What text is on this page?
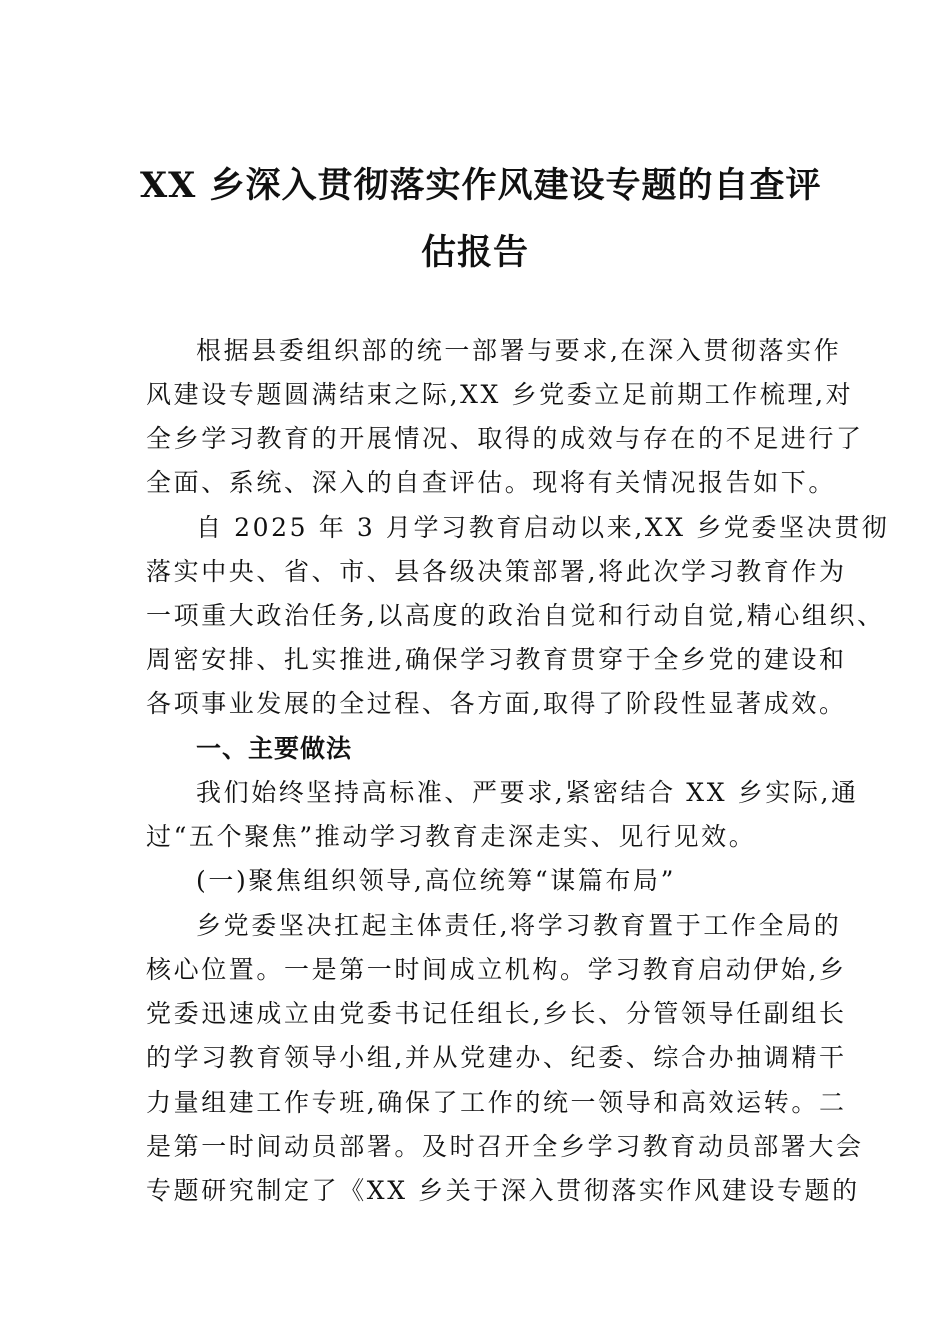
XX 乡深入贯彻落实作风建设专题的自查评
估报告
根据县委组织部的统一部署与要求,在深入贯彻落实作
风建设专题圆满结束之际,XX 乡党委立足前期工作梳理,对
全乡学习教育的开展情况、取得的成效与存在的不足进行了
全面、系统、深入的自查评估。现将有关情况报告如下。
自 2025 年 3 月学习教育启动以来,XX 乡党委坚决贯彻
落实中央、省、市、县各级决策部署,将此次学习教育作为
一项重大政治任务,以高度的政治自觉和行动自觉,精心组织、
周密安排、扎实推进,确保学习教育贯穿于全乡党的建设和
各项事业发展的全过程、各方面,取得了阶段性显著成效。
一、主要做法
我们始终坚持高标准、严要求,紧密结合 XX 乡实际,通
过“五个聚焦”推动学习教育走深走实、见行见效。
(一)聚焦组织领导,高位统筹“谋篇布局”
乡党委坚决扛起主体责任,将学习教育置于工作全局的
核心位置。一是第一时间成立机构。学习教育启动伊始,乡
党委迅速成立由党委书记任组长,乡长、分管领导任副组长
的学习教育领导小组,并从党建办、纪委、综合办抽调精干
力量组建工作专班,确保了工作的统一领导和高效运转。二
是第一时间动员部署。及时召开全乡学习教育动员部署大会
专题研究制定了《XX 乡关于深入贯彻落实作风建设专题的
